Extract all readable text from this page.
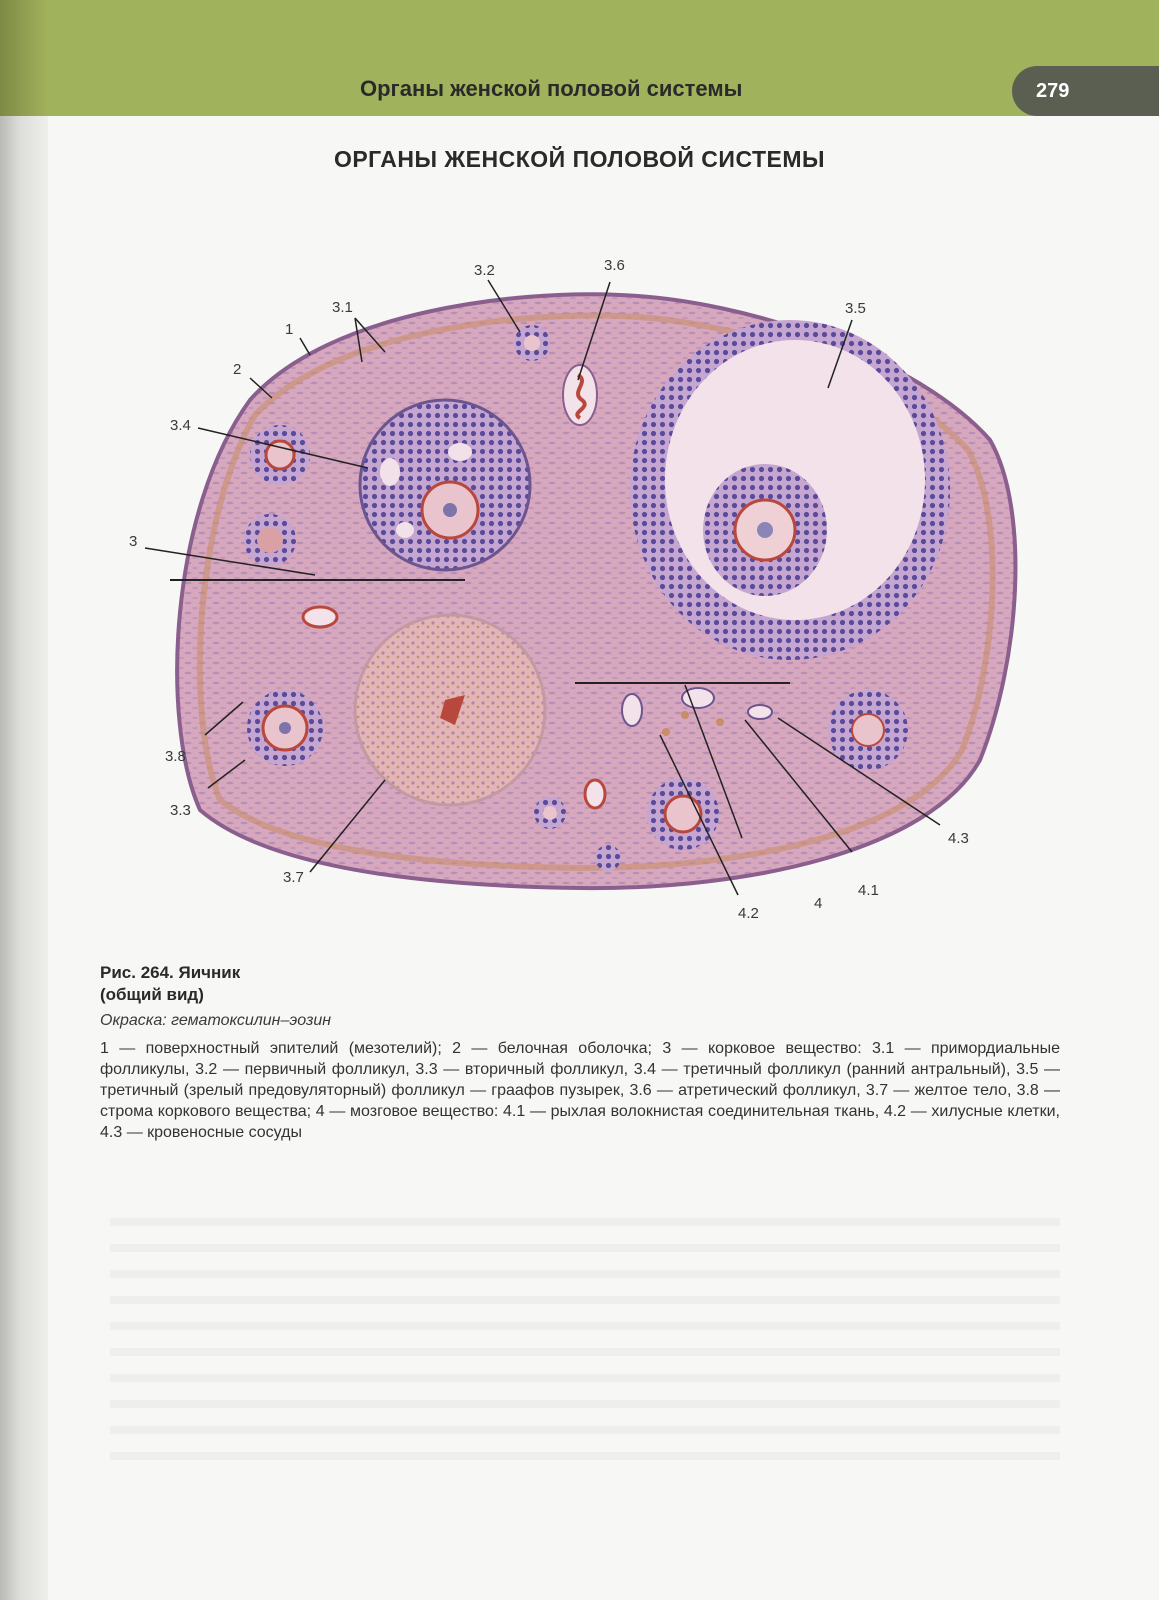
Органы женской половой системы	279
ОРГАНЫ ЖЕНСКОЙ ПОЛОВОЙ СИСТЕМЫ
1
2
3
3.1
3.2
3.3
3.4
3.5
3.6
3.7
3.8
4
4.1
4.2
4.3
Рис. 264. Яичник
(общий вид)
Окраска: гематоксилин–эозин
1 — поверхностный эпителий (мезотелий); 2 — белочная оболочка; 3 — корковое вещество: 3.1 — примордиальные фолликулы, 3.2 — первичный фолликул, 3.3 — вторичный фолликул, 3.4 — третичный фолликул (ранний антральный), 3.5 — третичный (зрелый предовуляторный) фолликул — граафов пузырек, 3.6 — атретический фолликул, 3.7 — желтое тело, 3.8 — строма коркового вещества; 4 — мозговое вещество: 4.1 — рыхлая волокнистая соединительная ткань, 4.2 — хилусные клетки, 4.3 — кровеносные сосуды
